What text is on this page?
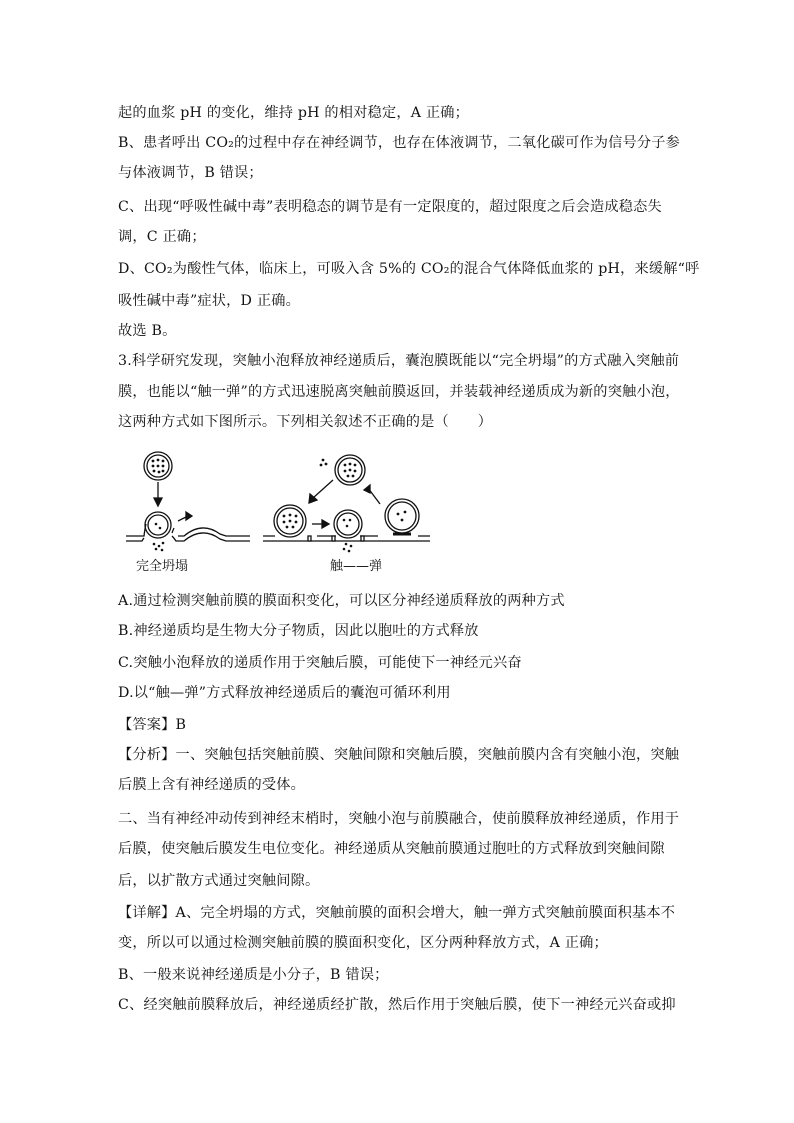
起的血浆 pH 的变化，维持 pH 的相对稳定，A 正确；
B、患者呼出 CO₂的过程中存在神经调节，也存在体液调节，二氧化碳可作为信号分子参
与体液调节，B 错误；
C、出现“呼吸性碱中毒”表明稳态的调节是有一定限度的，超过限度之后会造成稳态失
调，C 正确；
D、CO₂为酸性气体，临床上，可吸入含 5%的 CO₂的混合气体降低血浆的 pH，来缓解“呼
吸性碱中毒”症状，D 正确。
故选 B。
3.科学研究发现，突触小泡释放神经递质后，囊泡膜既能以“完全坍塌”的方式融入突触前
膜，也能以“触一弹”的方式迅速脱离突触前膜返回，并装载神经递质成为新的突触小泡，
这两种方式如下图所示。下列相关叙述不正确的是（　　）
完全坍塌	触——弹
A.通过检测突触前膜的膜面积变化，可以区分神经递质释放的两种方式
B.神经递质均是生物大分子物质，因此以胞吐的方式释放
C.突触小泡释放的递质作用于突触后膜，可能使下一神经元兴奋
D.以“触—弹”方式释放神经递质后的囊泡可循环利用
【答案】B
【分析】一、突触包括突触前膜、突触间隙和突触后膜，突触前膜内含有突触小泡，突触
后膜上含有神经递质的受体。
二、当有神经冲动传到神经末梢时，突触小泡与前膜融合，使前膜释放神经递质，作用于
后膜，使突触后膜发生电位变化。神经递质从突触前膜通过胞吐的方式释放到突触间隙
后，以扩散方式通过突触间隙。
【详解】A、完全坍塌的方式，突触前膜的面积会增大，触一弹方式突触前膜面积基本不
变，所以可以通过检测突触前膜的膜面积变化，区分两种释放方式，A 正确；
B、一般来说神经递质是小分子，B 错误；
C、经突触前膜释放后，神经递质经扩散，然后作用于突触后膜，使下一神经元兴奋或抑
